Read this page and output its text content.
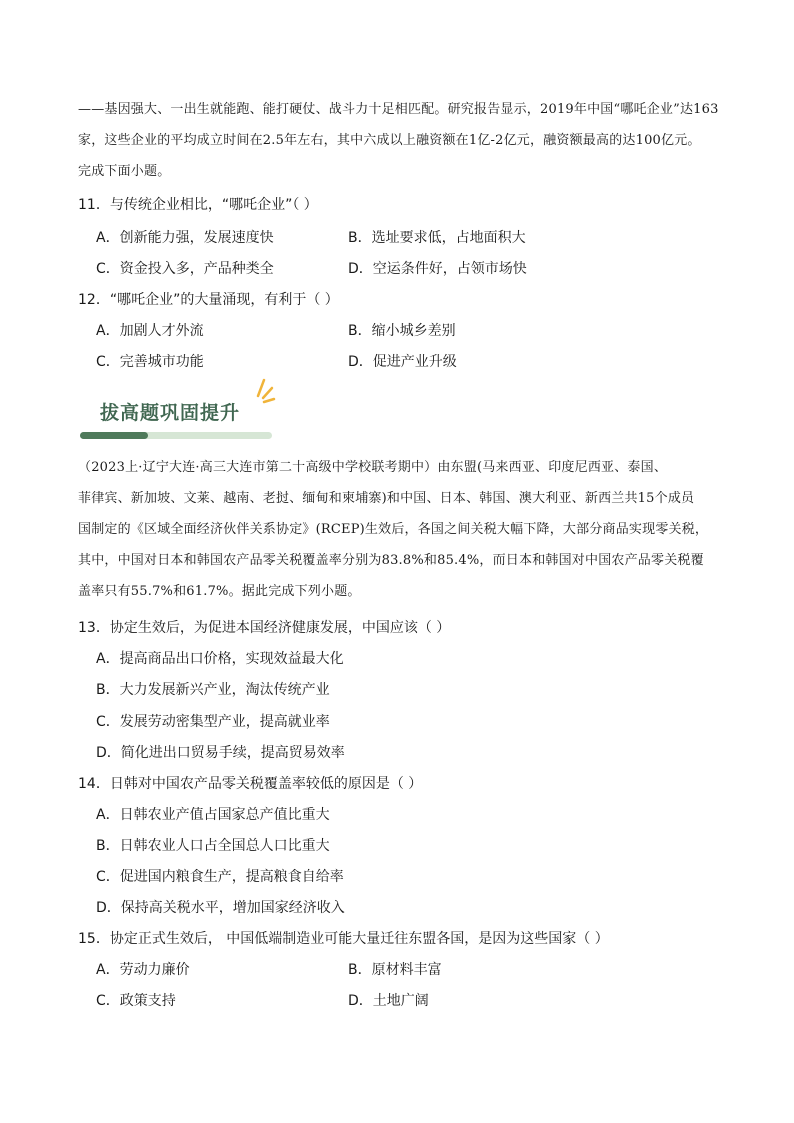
——基因强大、一出生就能跑、能打硬仗、战斗力十足相匹配。研究报告显示，2019年中国“哪吒企业”达163
家，这些企业的平均成立时间在2.5年左右，其中六成以上融资额在1亿-2亿元，融资额最高的达100亿元。
完成下面小题。
11．与传统企业相比，“哪吒企业”（ ）
A．创新能力强，发展速度快	B．选址要求低，占地面积大
C．资金投入多，产品种类全	D．空运条件好，占领市场快
12．“哪吒企业”的大量涌现，有利于（ ）
A．加剧人才外流	B．缩小城乡差别
C．完善城市功能	D．促进产业升级
拔高题巩固提升
（2023上·辽宁大连·高三大连市第二十高级中学校联考期中）由东盟(马来西亚、印度尼西亚、泰国、
菲律宾、新加坡、文莱、越南、老挝、缅甸和柬埔寨)和中国、日本、韩国、澳大利亚、新西兰共15个成员
国制定的《区域全面经济伙伴关系协定》(RCEP)生效后，各国之间关税大幅下降，大部分商品实现零关税，
其中，中国对日本和韩国农产品零关税覆盖率分别为83.8%和85.4%，而日本和韩国对中国农产品零关税覆
盖率只有55.7%和61.7%。据此完成下列小题。
13．协定生效后，为促进本国经济健康发展，中国应该（ ）
A．提高商品出口价格，实现效益最大化
B．大力发展新兴产业，淘汰传统产业
C．发展劳动密集型产业，提高就业率
D．简化进出口贸易手续，提高贸易效率
14．日韩对中国农产品零关税覆盖率较低的原因是（ ）
A．日韩农业产值占国家总产值比重大
B．日韩农业人口占全国总人口比重大
C．促进国内粮食生产，提高粮食自给率
D．保持高关税水平，增加国家经济收入
15．协定正式生效后， 中国低端制造业可能大量迁往东盟各国，是因为这些国家（ ）
A．劳动力廉价	B．原材料丰富
C．政策支持	D．土地广阔
